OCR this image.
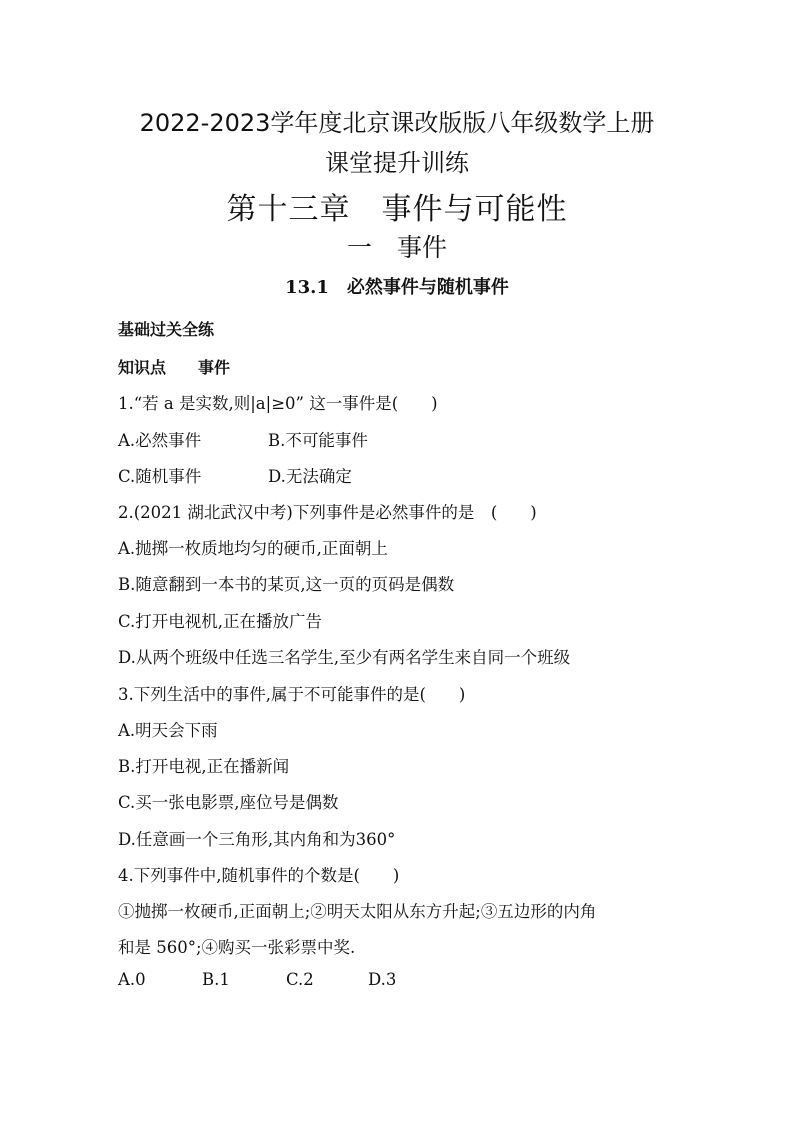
2022-2023学年度北京课改版版八年级数学上册
课堂提升训练
第十三章　事件与可能性
一　事件
13.1　必然事件与随机事件
基础过关全练
知识点　　事件
1.“若 a 是实数,则|a|≥0” 这一事件是(　　)
A.必然事件	B.不可能事件
C.随机事件	D.无法确定
2.(2021 湖北武汉中考)下列事件是必然事件的是　(　　)
A.抛掷一枚质地均匀的硬币,正面朝上
B.随意翻到一本书的某页,这一页的页码是偶数
C.打开电视机,正在播放广告
D.从两个班级中任选三名学生,至少有两名学生来自同一个班级
3.下列生活中的事件,属于不可能事件的是(　　)
A.明天会下雨
B.打开电视,正在播新闻
C.买一张电影票,座位号是偶数
D.任意画一个三角形,其内角和为360°
4.下列事件中,随机事件的个数是(　　)
①抛掷一枚硬币,正面朝上;②明天太阳从东方升起;③五边形的内角
和是 560°;④购买一张彩票中奖.
A.0	B.1	C.2	D.3
